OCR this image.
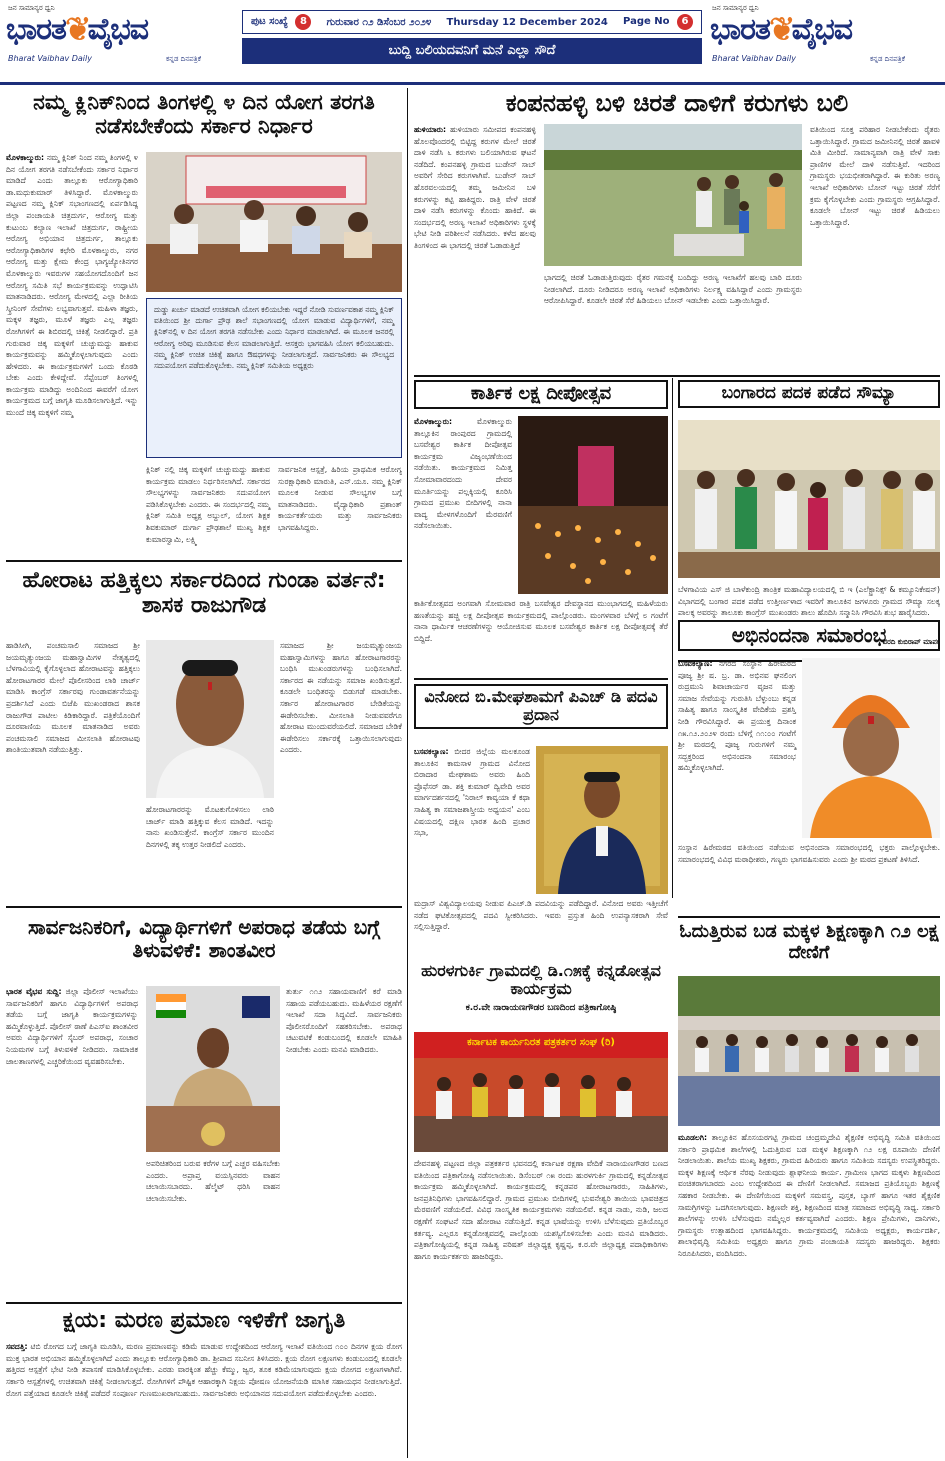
ಜನ ಸಾಮಾನ್ಯರ ಧ್ವನಿ
ಭಾರತ❦ವೈಭವ
Bharat Vaibhav Daily	ಕನ್ನಡ ದಿನಪತ್ರಿಕೆ
ಪುಟ ಸಂಖ್ಯೆ 8	ಗುರುವಾರ ೧೨ ಡಿಸೆಂಬರ ೨೦೨೪ Thursday 12 December 2024 Page No 6
ಬುದ್ದಿ ಬಲಿಯದವನಿಗೆ ಮನೆ ಎಲ್ಲಾ ಸೌದೆ
ಜನ ಸಾಮಾನ್ಯರ ಧ್ವನಿ
ಭಾರತ❦ವೈಭವ
Bharat Vaibhav Daily	ಕನ್ನಡ ದಿನಪತ್ರಿಕೆ
ನಮ್ಮ ಕ್ಲಿನಿಕ್‌ನಿಂದ ತಿಂಗಳಲ್ಲಿ ೪ ದಿನ ಯೋಗ ತರಗತಿ ನಡೆಸಬೇಕೆಂದು ಸರ್ಕಾರ ನಿರ್ಧಾರ
ಮೊಳಕಾಲ್ಮುರು: ನಮ್ಮ ಕ್ಲಿನಿಕ್ ನಿಂದ ನಮ್ಮ ತಿಂಗಳಲ್ಲಿ ೪ ದಿನ ಯೋಗ ತರಗತಿ ನಡೆಸಬೇಕೆಂದು ಸರ್ಕಾರ ನಿರ್ಧಾರ ಮಾಡಿದೆ ಎಂದು ತಾಲ್ಲೂಕು ಆರೋಗ್ಯಾಧಿಕಾರಿ ಡಾ.ಮಧುಕುಮಾರ್ ತಿಳಿಸಿದ್ದಾರೆ. ಮೊಳಕಾಲ್ಮುರು ಪಟ್ಟಣದ ನಮ್ಮ ಕ್ಲಿನಿಕ್ ಸಭಾಂಗಣದಲ್ಲಿ ಏರ್ಪಡಿಸಿದ್ದ ಜಿಲ್ಲಾ ಪಂಚಾಯತಿ ಚಿತ್ರದುರ್ಗ, ಆರೋಗ್ಯ ಮತ್ತು ಕುಟುಂಬ ಕಲ್ಯಾಣ ಇಲಾಖೆ ಚಿತ್ರದುರ್ಗ, ರಾಷ್ಟ್ರೀಯ ಆರೋಗ್ಯ ಅಭಿಯಾನ ಚಿತ್ರದುರ್ಗ, ತಾಲ್ಲೂಕು ಆರೋಗ್ಯಾಧಿಕಾರಿಗಳ ಕಛೇರಿ ಮೊಳಕಾಲ್ಮುರು, ನಗರ ಆರೋಗ್ಯ ಮತ್ತು ಕ್ಷೇಮ ಕೇಂದ್ರ ಭಾಗ್ಯಜ್ಯೋತಿನಗರ ಮೊಳಕಾಲ್ಮುರು ಇವರುಗಳ ಸಹಯೋಗದೊಂದಿಗೆ ಜನ ಆರೋಗ್ಯ ಸಮಿತಿ ಸಭೆ ಕಾರ್ಯಕ್ರಮವನ್ನು ಉದ್ಘಾಟಿಸಿ ಮಾತನಾಡಿದರು. ಆರೋಗ್ಯ ಮೇಳದಲ್ಲಿ ಎಲ್ಲಾ ರೀತಿಯ ಸ್ಕ್ರೀನಿಂಗ್ ಸೇವೆಗಳು ಲಭ್ಯವಾಗುತ್ತವೆ. ಮಹಿಳಾ ತಜ್ಞರು, ಮಕ್ಕಳ ತಜ್ಞರು, ಮೂಳೆ ತಜ್ಞರು ಎಲ್ಲ ತಜ್ಞರು ರೋಗಿಗಳಿಗೆ ಈ ಶಿಬಿರದಲ್ಲಿ ಚಿಕಿತ್ಸೆ ನೀಡಲಿದ್ದಾರೆ. ಪ್ರತಿ ಗುರುವಾರ ಚಿಕ್ಕ ಮಕ್ಕಳಿಗೆ ಚುಚ್ಚುಮದ್ದು ಹಾಕುವ ಕಾರ್ಯಕ್ರಮವನ್ನು ಹಮ್ಮಿಕೊಳ್ಳಲಾಗುವುದು ಎಂದು ಹೇಳಿದರು. ಈ ಕಾರ್ಯಕ್ರಮಗಳಿಗೆ ಒಂದು ಕೊಠಡಿ ಬೇಕು ಎಂದು ಕೇಳಿದ್ದೇವೆ. ಸೆಪ್ಟೆಂಬರ್ ತಿಂಗಳಲ್ಲಿ ಕಾರ್ಯಕ್ರಮ ಮಾಡಿದ್ದು ಅಂದಿನಿಂದ ಈವರೆಗೆ ಯೋಗ ಕಾರ್ಯಕ್ರಮದ ಬಗ್ಗೆ ಜಾಗೃತಿ ಮೂಡಿಸಲಾಗುತ್ತಿದೆ. ಇನ್ನು ಮುಂದೆ ಚಿಕ್ಕ ಮಕ್ಕಳಿಗೆ ನಮ್ಮ
ದುಡ್ಡು ಖರ್ಚು ಮಾಡದೆ ಉಚಿತವಾಗಿ ಯೋಗ ಕಲಿಯಬೇಕು ಇದ್ದರೆ ನೋಡಿ ಸುವರ್ಣವಕಾಶ ನಮ್ಮ ಕ್ಲಿನಿಕ್ ವತಿಯಿಂದ ಶ್ರೀ ದುರ್ಗಾ ಪ್ರೌಢ ಶಾಲೆ ಸಭಾಂಗಣದಲ್ಲಿ ಯೋಗ ಮಾಡುವ ವಿದ್ಯಾರ್ಥಿಗಳಿಗೆ, ನಮ್ಮ ಕ್ಲಿನಿಕ್‌ನಲ್ಲಿ ೪ ದಿನ ಯೋಗ ತರಗತಿ ನಡೆಸಬೇಕು ಎಂದು ನಿರ್ಧಾರ ಮಾಡಲಾಗಿದೆ. ಈ ಮೂಲಕ ಜನರಲ್ಲಿ ಆರೋಗ್ಯ ಅರಿವು ಮೂಡಿಸುವ ಕೆಲಸ ಮಾಡಲಾಗುತ್ತಿದೆ. ಆಸಕ್ತರು ಭಾಗವಹಿಸಿ ಯೋಗ ಕಲಿಯಬಹುದು. ನಮ್ಮ ಕ್ಲಿನಿಕ್ ಉಚಿತ ಚಿಕಿತ್ಸೆ ಹಾಗೂ ಔಷಧಗಳನ್ನು ನೀಡಲಾಗುತ್ತದೆ. ಸಾರ್ವಜನಿಕರು ಈ ಸೌಲಭ್ಯದ ಸದುಪಯೋಗ ಪಡೆದುಕೊಳ್ಳಬೇಕು. ನಮ್ಮ ಕ್ಲಿನಿಕ್ ಸಮಿತಿಯ ಅಧ್ಯಕ್ಷರು
ಕ್ಲಿನಿಕ್ ನಲ್ಲಿ ಚಿಕ್ಕ ಮಕ್ಕಳಿಗೆ ಚುಚ್ಚುಮದ್ದು ಹಾಕುವ ಕಾರ್ಯಕ್ರಮ ಮಾಡಲು ನಿರ್ಧರಿಸಲಾಗಿದೆ. ಸರ್ಕಾರದ ಸೌಲಭ್ಯಗಳನ್ನು ಸಾರ್ವಜನಿಕರು ಸದುಪಯೋಗ ಪಡಿಸಿಕೊಳ್ಳಬೇಕು ಎಂದರು. ಈ ಸಂದರ್ಭದಲ್ಲಿ ನಮ್ಮ ಕ್ಲಿನಿಕ್ ಸಮಿತಿ ಅಧ್ಯಕ್ಷ ಅಬ್ದುಲ್, ಯೋಗ ಶಿಕ್ಷಕ ಶಿವಕುಮಾರ್ ದುರ್ಗಾ ಪ್ರೌಢಶಾಲೆ ಮುಖ್ಯ ಶಿಕ್ಷಕ ಕುಮಾರಸ್ವಾಮಿ, ಲಕ್ಷ್ಮಿ
ಸಾರ್ವಜನಿಕ ಆಸ್ಪತ್ರೆ, ಹಿರಿಯ ಪ್ರಾಥಮಿಕ ಆರೋಗ್ಯ ಸುರಕ್ಷಾಧಿಕಾರಿ ಮಾರುತಿ, ಎನ್.ಯೂ. ನಮ್ಮ ಕ್ಲಿನಿಕ್ ಮೂಲಕ ನೀಡುವ ಸೌಲಭ್ಯಗಳ ಬಗ್ಗೆ ಮಾತನಾಡಿದರು. ವೈದ್ಯಾಧಿಕಾರಿ ಪ್ರಶಾಂತ್ ಕಾರ್ಯಕರ್ತೆಯರು ಮತ್ತು ಸಾರ್ವಜನಿಕರು ಭಾಗವಹಿಸಿದ್ದರು.
ಕಂಪನಹಳ್ಳಿ ಬಳಿ ಚಿರತೆ ದಾಳಿಗೆ ಕರುಗಳು ಬಲಿ
ಹುಳಿಯಾರು: ಹುಳಿಯಾರು ಸಮೀಪದ ಕಂಪನಹಳ್ಳಿ ಹೊಲವೊಂದರಲ್ಲಿ ಬಿಟ್ಟಿದ್ದ ಕರುಗಳ ಮೇಲೆ ಚಿರತೆ ದಾಳಿ ನಡೆಸಿ ೬ ಕರುಗಳು ಬಲಿಯಾಗಿರುವ ಘಟನೆ ನಡೆದಿದೆ. ಕಂಪನಹಳ್ಳಿ ಗ್ರಾಮದ ಬುಡೇನ್ ಸಾಬ್ ಅವರಿಗೆ ಸೇರಿದ ಕರುಗಳಾಗಿವೆ. ಬುಡೇನ್ ಸಾಬ್ ಹೊರವಲಯದಲ್ಲಿ ತಮ್ಮ ಜಮೀನಿನ ಬಳಿ ಕರುಗಳನ್ನು ಕಟ್ಟಿ ಹಾಕಿದ್ದರು. ರಾತ್ರಿ ವೇಳೆ ಚಿರತೆ ದಾಳಿ ನಡೆಸಿ ಕರುಗಳನ್ನು ಕೊಂದು ಹಾಕಿದೆ. ಈ ಸಂದರ್ಭದಲ್ಲಿ ಅರಣ್ಯ ಇಲಾಖೆ ಅಧಿಕಾರಿಗಳು ಸ್ಥಳಕ್ಕೆ ಭೇಟಿ ನೀಡಿ ಪರಿಶೀಲನೆ ನಡೆಸಿದರು. ಕಳೆದ ಹಲವು ತಿಂಗಳಿಂದ ಈ ಭಾಗದಲ್ಲಿ ಚಿರತೆ ಓಡಾಡುತ್ತಿದೆ
ಭಾಗದಲ್ಲಿ ಚಿರತೆ ಓಡಾಡುತ್ತಿರುವುದು ರೈತರ ಗಮನಕ್ಕೆ ಬಂದಿದ್ದು ಅರಣ್ಯ ಇಲಾಖೆಗೆ ಹಲವು ಬಾರಿ ದೂರು ನೀಡಲಾಗಿದೆ. ದೂರು ನೀಡಿದರೂ ಅರಣ್ಯ ಇಲಾಖೆ ಅಧಿಕಾರಿಗಳು ನಿರ್ಲಕ್ಷ್ಯ ವಹಿಸಿದ್ದಾರೆ ಎಂದು ಗ್ರಾಮಸ್ಥರು ಆರೋಪಿಸಿದ್ದಾರೆ. ಕೂಡಲೇ ಚಿರತೆ ಸೆರೆ ಹಿಡಿಯಲು ಬೋನ್ ಇಡಬೇಕು ಎಂದು ಒತ್ತಾಯಿಸಿದ್ದಾರೆ.
ವತಿಯಿಂದ ಸೂಕ್ತ ಪರಿಹಾರ ನೀಡಬೇಕೆಂದು ರೈತರು ಒತ್ತಾಯಿಸಿದ್ದಾರೆ. ಗ್ರಾಮದ ಜಮೀನಿನಲ್ಲಿ ಚಿರತೆ ಹಾವಳಿ ಮಿತಿ ಮೀರಿದೆ. ಸಾಮಾನ್ಯವಾಗಿ ರಾತ್ರಿ ವೇಳೆ ಸಾಕು ಪ್ರಾಣಿಗಳ ಮೇಲೆ ದಾಳಿ ನಡೆಸುತ್ತಿವೆ. ಇದರಿಂದ ಗ್ರಾಮಸ್ಥರು ಭಯಭೀತರಾಗಿದ್ದಾರೆ. ಈ ಕುರಿತು ಅರಣ್ಯ ಇಲಾಖೆ ಅಧಿಕಾರಿಗಳು ಬೋನ್ ಇಟ್ಟು ಚಿರತೆ ಸೆರೆಗೆ ಕ್ರಮ ಕೈಗೊಳ್ಳಬೇಕು ಎಂದು ಗ್ರಾಮಸ್ಥರು ಆಗ್ರಹಿಸಿದ್ದಾರೆ. ಕೂಡಲೇ ಬೋನ್ ಇಟ್ಟು ಚಿರತೆ ಹಿಡಿಯಲು ಒತ್ತಾಯಿಸಿದ್ದಾರೆ.
ಕಾರ್ತಿಕ ಲಕ್ಷ ದೀಪೋತ್ಸವ
ಮೊಳಕಾಲ್ಮುರು:	ಮೊಳಕಾಲ್ಮುರು ತಾಲ್ಲೂಕಿನ ರಾಂಪುರದ ಗ್ರಾಮದಲ್ಲಿ ಬಸವೇಶ್ವರ ಕಾರ್ತಿಕ ದೀಪೋತ್ಸವ ಕಾರ್ಯಕ್ರಮ ವಿಜೃಂಭಣೆಯಿಂದ ನಡೆಯಿತು. ಕಾರ್ಯಕ್ರಮದ ನಿಮಿತ್ತ ಸೋಮಾವಾರದಂದು ದೇವರ ಮೂರ್ತಿಯನ್ನು ಪಲ್ಲಕ್ಕಿಯಲ್ಲಿ ಕೂರಿಸಿ ಗ್ರಾಮದ ಪ್ರಮುಖ ಬೀದಿಗಳಲ್ಲಿ ನಾನಾ ವಾದ್ಯ ಮೇಳಗಳೊಂದಿಗೆ ಮೆರವಣಿಗೆ ನಡೆಸಲಾಯಿತು.
ಕಾರ್ತಿಕೋತ್ಸವದ ಅಂಗವಾಗಿ ಸೋಮವಾರ ರಾತ್ರಿ ಬಸವೇಶ್ವರ ದೇವಸ್ಥಾನದ ಮುಂಭಾಗದಲ್ಲಿ ಮಹಿಳೆಯರು ಹಣತೆಯನ್ನು ಹಚ್ಚಿ ಲಕ್ಷ ದೀಪೋತ್ಸವ ಕಾರ್ಯಕ್ರಮದಲ್ಲಿ ಪಾಲ್ಗೊಂಡರು. ಮಂಗಳವಾರ ಬೆಳಿಗ್ಗೆ ೮ ಗಂಟೆಗೆ ನಾನಾ ಧಾರ್ಮಿಕ ಆಚರಣೆಗಳನ್ನು ಆಯೋಜಿಸುವ ಮೂಲಕ ಬಸವೇಶ್ವರ ಕಾರ್ತಿಕ ಲಕ್ಷ ದೀಪೋತ್ಸವಕ್ಕೆ ತೆರೆ ಬಿದ್ದಿದೆ.
ಬಂಗಾರದ ಪದಕ ಪಡೆದ ಸೌಮ್ಯಾ
ಬೆಳಗಾವಿಯ ಎಸ್ ಜಿ ಬಾಳೆಕುಂದ್ರಿ ತಾಂತ್ರಿಕ ಮಹಾವಿದ್ಯಾಲಯದಲ್ಲಿ ಬಿ ಇ (ಎಲೆಕ್ಟ್ರಾನಿಕ್ಸ್ & ಕಮ್ಯೂನಿಕೇಷನ್) ವಿಭಾಗದಲ್ಲಿ ಬಂಗಾರ ಪದಕ ಪಡೆದ ಉತ್ತೀರ್ಣಳಾದ ಇವರಿಗೆ ತಾಲೂಕಿನ ಜಗಳೂರು ಗ್ರಾಮದ ಸೌಮ್ಯಾ ಸಲಕ್ಕ ಪಾಲಕ್ಕ ಅವರನ್ನು ತಾಲೂಕು ಕಾಂಗ್ರೆಸ್ ಮುಖಂಡರು ಶಾಲು ಹೊದಿಸಿ ಸನ್ಮಾನಿಸಿ ಗೌರವಿಸಿ ಶುಭ ಹಾರೈಸಿದರು.
ವರದಿ ಕುಬಿರಾಪ್ ಮಾಪಕ
ಹೋರಾಟ ಹತ್ತಿಕ್ಕಲು ಸರ್ಕಾರದಿಂದ ಗುಂಡಾ ವರ್ತನೆ: ಶಾಸಕ ರಾಜುಗೌಡ
ಹಾಡಿಸೀಗಿ, ಪಂಚಮಸಾಲಿ ಸಮಾಜದ ಶ್ರೀ ಜಯಮೃತ್ಯುಂಜಯ ಮಹಾಸ್ವಾಮಿಗಳ ನೇತೃತ್ವದಲ್ಲಿ ಬೆಳಗಾವಿಯಲ್ಲಿ ಕೈಗೊಳ್ಳಲಾದ ಹೋರಾಟವನ್ನು ಹತ್ತಿಕ್ಕಲು ಹೋರಾಟಗಾರರ ಮೇಲೆ ಪೊಲೀಸರಿಂದ ಲಾಠಿ ಚಾರ್ಜ್ ಮಾಡಿಸಿ ಕಾಂಗ್ರೆಸ್ ಸರ್ಕಾರವು ಗುಂಡಾವರ್ತನೆಯನ್ನು ಪ್ರದರ್ಶಿಸಿದೆ ಎಂದು ಬಿಜೆಪಿ ಮುಖಂಡರಾದ ಶಾಸಕ ರಾಜುಗೌಡ ಪಾಟೀಲ ಕಿಡಿಕಾರಿದ್ದಾರೆ. ಪತ್ರಿಕೆಯೊಂದಿಗೆ ದೂರವಾಣಿಯ ಮೂಲಕ ಮಾತನಾಡಿದ ಅವರು ಪಂಚಮಸಾಲಿ ಸಮಾಜದ ಮೀಸಲಾತಿ ಹೋರಾಟವು ಶಾಂತಿಯುತವಾಗಿ ನಡೆಯುತ್ತಿತ್ತು.
ಹೋರಾಟಗಾರರನ್ನು ಮೊಟಕುಗೊಳಿಸಲು ಲಾಠಿ ಚಾರ್ಜ್ ಮಾಡಿ ಹತ್ತಿಕ್ಕುವ ಕೆಲಸ ಮಾಡಿದೆ. ಇದನ್ನು ನಾನು ಖಂಡಿಸುತ್ತೇನೆ. ಕಾಂಗ್ರೆಸ್ ಸರ್ಕಾರ ಮುಂದಿನ ದಿನಗಳಲ್ಲಿ ತಕ್ಕ ಉತ್ತರ ನೀಡಲಿದೆ ಎಂದರು.
ಸಮಾಜದ ಶ್ರೀ ಜಯಮೃತ್ಯುಂಜಯ ಮಹಾಸ್ವಾಮಿಗಳನ್ನು ಹಾಗೂ ಹೋರಾಟಗಾರರನ್ನು ಬಂಧಿಸಿ ಮುಖಂಡರುಗಳನ್ನು ಬಂಧಿಸಲಾಗಿದೆ. ಸರ್ಕಾರದ ಈ ನಡೆಯನ್ನು ಸಮಾಜ ಖಂಡಿಸುತ್ತದೆ. ಕೂಡಲೇ ಬಂಧಿತರನ್ನು ಬಿಡುಗಡೆ ಮಾಡಬೇಕು. ಸರ್ಕಾರ ಹೋರಾಟಗಾರರ ಬೇಡಿಕೆಯನ್ನು ಈಡೇರಿಸಬೇಕು. ಮೀಸಲಾತಿ ನೀಡುವವರೆಗೂ ಹೋರಾಟ ಮುಂದುವರೆಯಲಿದೆ. ಸಮಾಜದ ಬೇಡಿಕೆ ಈಡೇರಿಸಲು ಸರ್ಕಾರಕ್ಕೆ ಒತ್ತಾಯಿಸಲಾಗುವುದು ಎಂದರು.
ವಿನೋದ ಬಿ.ಮೇಘಶಾಮಗೆ ಪಿಎಚ್ ಡಿ ಪದವಿ ಪ್ರದಾನ
ಬಸವಕಲ್ಯಾಣ: ಬೀದರ ಜಿಲ್ಲೆಯ ಮಲಕೂಂಡ ತಾಲೂಕಿನ ಕಾಮಸಾಳ ಗ್ರಾಮದ ವಿನೋದ ಬಿರಾದಾರ ಮೇಘಶಾಮ ಅವರು ಹಿಂದಿ ಪ್ರೊಫೆಸರ್ ಡಾ. ಶಕ್ತಿ ಕುಮಾರ್ ದ್ವಿವೇದಿ ಅವರ ಮಾರ್ಗದರ್ಶನದಲ್ಲಿ 'ನಿರಾಲ್ ಕಾವ್ಯಯಾ ಕೆ ಕಥಾ ಸಾಹಿತ್ಯ ಕಾ ಸಮಾಜಶಾಸ್ತ್ರೀಯ ಅಧ್ಯಯನ' ಎಂಬ ವಿಷಯದಲ್ಲಿ ದಕ್ಷಿಣ ಭಾರತ ಹಿಂದಿ ಪ್ರಚಾರ ಸಭಾ,
ಮದ್ರಾಸ್ ವಿಶ್ವವಿದ್ಯಾಲಯವು ನೀಡುವ ಪಿಎಚ್.ಡಿ ಪದವಿಯನ್ನು ಪಡೆದಿದ್ದಾರೆ. ವಿನೋದ ಅವರು ಇತ್ತೀಚೆಗೆ ನಡೆದ ಘಟಿಕೋತ್ಸವದಲ್ಲಿ ಪದವಿ ಸ್ವೀಕರಿಸಿದರು. ಇವರು ಪ್ರಸ್ತುತ ಹಿಂದಿ ಉಪನ್ಯಾಸಕರಾಗಿ ಸೇವೆ ಸಲ್ಲಿಸುತ್ತಿದ್ದಾರೆ.
ಅಭಿನಂದನಾ ಸಮಾರಂಭ
ಬಸವಕಲ್ಯಾಣ: ನಗರದ ಸಂಸ್ಥಾನ ಹಿರೇಮಠದ ಪೂಜ್ಯ ಶ್ರೀ ಷ. ಬ್ರ. ಡಾ. ಅಭಿನವ ಘನಲಿಂಗ ರುದ್ರಮುನಿ ಶಿವಾಚಾರ್ಯರ ವೃಜನ ಮತ್ತು ಸಮಾಜ ಸೇವೆಯನ್ನು ಗುರುತಿಸಿ ಬೆಳ್ಳುಂಬು ಕನ್ನಡ ಸಾಹಿತ್ಯ ಹಾಗೂ ಸಾಂಸ್ಕೃತಿಕ ವೇದಿಕೆಯ ಪ್ರಶಸ್ತಿ ನೀಡಿ ಗೌರವಿಸಿದ್ದಾರೆ. ಈ ಪ್ರಯುಕ್ತ ದಿನಾಂಕ ೧೫.೧೨.೨೦೨೪ ರಂದು ಬೆಳಿಗ್ಗೆ ೧೧:೦೦ ಗಂಟೆಗೆ ಶ್ರೀ ಮಠದಲ್ಲಿ ಪೂಜ್ಯ ಗುರುಗಳಿಗೆ ನಮ್ಮ ಸದ್ಭಕ್ತರಿಂದ ಅಭಿನಂದನಾ ಸಮಾರಂಭ ಹಮ್ಮಿಕೊಳ್ಳಲಾಗಿದೆ.
ಸಂಸ್ಥಾನ ಹಿರೇಮಠದ ವತಿಯಿಂದ ನಡೆಯುವ ಅಭಿನಂದನಾ ಸಮಾರಂಭದಲ್ಲಿ ಭಕ್ತರು ಪಾಲ್ಗೊಳ್ಳಬೇಕು. ಸಮಾರಂಭದಲ್ಲಿ ವಿವಿಧ ಮಠಾಧೀಶರು, ಗಣ್ಯರು ಭಾಗವಹಿಸುವರು ಎಂದು ಶ್ರೀ ಮಠದ ಪ್ರಕಟಣೆ ತಿಳಿಸಿದೆ.
ಸಾರ್ವಜನಿಕರಿಗೆ, ವಿದ್ಯಾರ್ಥಿಗಳಿಗೆ ಅಪರಾಧ ತಡೆಯ ಬಗ್ಗೆ ತಿಳುವಳಿಕೆ: ಶಾಂತವೀರ
ಭಾರತ ವೈಭವ ಸುದ್ದಿ: ಜಿಲ್ಲಾ ಪೊಲೀಸ್ ಇಲಾಖೆಯು ಸಾರ್ವಜನಿಕರಿಗೆ ಹಾಗೂ ವಿದ್ಯಾರ್ಥಿಗಳಿಗೆ ಅಪರಾಧ ತಡೆಯ ಬಗ್ಗೆ ಜಾಗೃತಿ ಕಾರ್ಯಕ್ರಮಗಳನ್ನು ಹಮ್ಮಿಕೊಳ್ಳುತ್ತಿದೆ. ಪೊಲೀಸ್ ಠಾಣೆ ಪಿಎಸ್ಐ ಶಾಂತವೀರ ಅವರು ವಿದ್ಯಾರ್ಥಿಗಳಿಗೆ ಸೈಬರ್ ಅಪರಾಧ, ಸಂಚಾರ ನಿಯಮಗಳ ಬಗ್ಗೆ ತಿಳುವಳಿಕೆ ನೀಡಿದರು. ಸಾಮಾಜಿಕ ಜಾಲತಾಣಗಳಲ್ಲಿ ಎಚ್ಚರಿಕೆಯಿಂದ ವ್ಯವಹರಿಸಬೇಕು.
ಅಪರಿಚಿತರಿಂದ ಬರುವ ಕರೆಗಳ ಬಗ್ಗೆ ಎಚ್ಚರ ವಹಿಸಬೇಕು ಎಂದರು. ಅಪ್ರಾಪ್ತ ವಯಸ್ಸಿನವರು ವಾಹನ ಚಲಾಯಿಸಬಾರದು. ಹೆಲ್ಮೆಟ್ ಧರಿಸಿ ವಾಹನ ಚಲಾಯಿಸಬೇಕು.
ತುರ್ತು ೧೧೨ ಸಹಾಯವಾಣಿಗೆ ಕರೆ ಮಾಡಿ ಸಹಾಯ ಪಡೆಯಬಹುದು. ಮಹಿಳೆಯರ ರಕ್ಷಣೆಗೆ ಇಲಾಖೆ ಸದಾ ಸಿದ್ಧವಿದೆ. ಸಾರ್ವಜನಿಕರು ಪೊಲೀಸರೊಂದಿಗೆ ಸಹಕರಿಸಬೇಕು. ಅಪರಾಧ ಚಟುವಟಿಕೆ ಕಂಡುಬಂದಲ್ಲಿ ಕೂಡಲೇ ಮಾಹಿತಿ ನೀಡಬೇಕು ಎಂದು ಮನವಿ ಮಾಡಿದರು.
ಹುರಳಗುರ್ಕಿ ಗ್ರಾಮದಲ್ಲಿ ಡಿ.೧೫ಕ್ಕೆ ಕನ್ನಡೋತ್ಸವ ಕಾರ್ಯಕ್ರಮ
ಕ.ರ.ವೇ ನಾರಾಯಣಗೌಡರ ಬಣದಿಂದ ಪತ್ರಿಕಾಗೋಷ್ಠಿ
ಕರ್ನಾಟಕ ಕಾರ್ಯನಿರತ ಪತ್ರಕರ್ತರ ಸಂಘ (ರಿ)
ದೇವನಹಳ್ಳಿ ಪಟ್ಟಣದ ಜಿಲ್ಲಾ ಪತ್ರಕರ್ತರ ಭವನದಲ್ಲಿ ಕರ್ನಾಟಕ ರಕ್ಷಣಾ ವೇದಿಕೆ ನಾರಾಯಣಗೌಡರ ಬಣದ ವತಿಯಿಂದ ಪತ್ರಿಕಾಗೋಷ್ಠಿ ನಡೆಸಲಾಯಿತು. ಡಿಸೆಂಬರ್ ೧೫ ರಂದು ಹುರಳಗುರ್ಕಿ ಗ್ರಾಮದಲ್ಲಿ ಕನ್ನಡೋತ್ಸವ ಕಾರ್ಯಕ್ರಮ ಹಮ್ಮಿಕೊಳ್ಳಲಾಗಿದೆ. ಕಾರ್ಯಕ್ರಮದಲ್ಲಿ ಕನ್ನಡಪರ ಹೋರಾಟಗಾರರು, ಸಾಹಿತಿಗಳು, ಜನಪ್ರತಿನಿಧಿಗಳು ಭಾಗವಹಿಸಲಿದ್ದಾರೆ. ಗ್ರಾಮದ ಪ್ರಮುಖ ಬೀದಿಗಳಲ್ಲಿ ಭುವನೇಶ್ವರಿ ತಾಯಿಯ ಭಾವಚಿತ್ರದ ಮೆರವಣಿಗೆ ನಡೆಯಲಿದೆ. ವಿವಿಧ ಸಾಂಸ್ಕೃತಿಕ ಕಾರ್ಯಕ್ರಮಗಳು ನಡೆಯಲಿವೆ. ಕನ್ನಡ ನಾಡು, ನುಡಿ, ಜಲದ ರಕ್ಷಣೆಗೆ ಸಂಘಟನೆ ಸದಾ ಹೋರಾಟ ನಡೆಸುತ್ತಿದೆ. ಕನ್ನಡ ಭಾಷೆಯನ್ನು ಉಳಿಸಿ ಬೆಳೆಸುವುದು ಪ್ರತಿಯೊಬ್ಬರ ಕರ್ತವ್ಯ. ಎಲ್ಲರೂ ಕನ್ನಡೋತ್ಸವದಲ್ಲಿ ಪಾಲ್ಗೊಂಡು ಯಶಸ್ವಿಗೊಳಿಸಬೇಕು ಎಂದು ಮನವಿ ಮಾಡಿದರು. ಪತ್ರಿಕಾಗೋಷ್ಠಿಯಲ್ಲಿ ಕನ್ನಡ ಸಾಹಿತ್ಯ ಪರಿಷತ್ ಜಿಲ್ಲಾಧ್ಯಕ್ಷ ಕೃಷ್ಣಪ್ಪ, ಕ.ರ.ವೇ ಜಿಲ್ಲಾಧ್ಯಕ್ಷ ಪದಾಧಿಕಾರಿಗಳು ಹಾಗೂ ಕಾರ್ಯಕರ್ತರು ಹಾಜರಿದ್ದರು.
ಓದುತ್ತಿರುವ ಬಡ ಮಕ್ಕಳ ಶಿಕ್ಷಣಕ್ಕಾಗಿ ೧೨ ಲಕ್ಷ ದೇಣಿಗೆ
ಮೂಡಲಗಿ: ತಾಲ್ಲೂಕಿನ ಹೊಸಯರಗಟ್ಟಿ ಗ್ರಾಮದ ಚಂದ್ರಮ್ಮದೇವಿ ಶೈಕ್ಷಣಿಕ ಅಭಿವೃದ್ಧಿ ಸಮಿತಿ ವತಿಯಿಂದ ಸರ್ಕಾರಿ ಪ್ರಾಥಮಿಕ ಶಾಲೆಗಳಲ್ಲಿ ಓದುತ್ತಿರುವ ಬಡ ಮಕ್ಕಳ ಶಿಕ್ಷಣಕ್ಕಾಗಿ ೧೨ ಲಕ್ಷ ರೂಪಾಯಿ ದೇಣಿಗೆ ನೀಡಲಾಯಿತು. ಶಾಲೆಯ ಮುಖ್ಯ ಶಿಕ್ಷಕರು, ಗ್ರಾಮದ ಹಿರಿಯರು ಹಾಗೂ ಸಮಿತಿಯ ಸದಸ್ಯರು ಉಪಸ್ಥಿತರಿದ್ದರು. ಮಕ್ಕಳ ಶಿಕ್ಷಣಕ್ಕೆ ಆರ್ಥಿಕ ನೆರವು ನೀಡುವುದು ಶ್ಲಾಘನೀಯ ಕಾರ್ಯ. ಗ್ರಾಮೀಣ ಭಾಗದ ಮಕ್ಕಳು ಶಿಕ್ಷಣದಿಂದ ವಂಚಿತರಾಗಬಾರದು ಎಂಬ ಉದ್ದೇಶದಿಂದ ಈ ದೇಣಿಗೆ ನೀಡಲಾಗಿದೆ. ಸಮಾಜದ ಪ್ರತಿಯೊಬ್ಬರು ಶಿಕ್ಷಣಕ್ಕೆ ಸಹಕಾರ ನೀಡಬೇಕು. ಈ ದೇಣಿಗೆಯಿಂದ ಮಕ್ಕಳಿಗೆ ಸಮವಸ್ತ್ರ, ಪುಸ್ತಕ, ಬ್ಯಾಗ್ ಹಾಗೂ ಇತರ ಶೈಕ್ಷಣಿಕ ಸಾಮಗ್ರಿಗಳನ್ನು ಒದಗಿಸಲಾಗುವುದು. ಶಿಕ್ಷಣವೇ ಶಕ್ತಿ, ಶಿಕ್ಷಣದಿಂದ ಮಾತ್ರ ಸಮಾಜದ ಅಭಿವೃದ್ಧಿ ಸಾಧ್ಯ. ಸರ್ಕಾರಿ ಶಾಲೆಗಳನ್ನು ಉಳಿಸಿ ಬೆಳೆಸುವುದು ನಮ್ಮೆಲ್ಲರ ಕರ್ತವ್ಯವಾಗಿದೆ ಎಂದರು. ಶಿಕ್ಷಣ ಪ್ರೇಮಿಗಳು, ದಾನಿಗಳು, ಗ್ರಾಮಸ್ಥರು ಉತ್ಸಾಹದಿಂದ ಭಾಗವಹಿಸಿದ್ದರು. ಕಾರ್ಯಕ್ರಮದಲ್ಲಿ ಸಮಿತಿಯ ಅಧ್ಯಕ್ಷರು, ಕಾರ್ಯದರ್ಶಿ, ಶಾಲಾಭಿವೃದ್ಧಿ ಸಮಿತಿಯ ಅಧ್ಯಕ್ಷರು ಹಾಗೂ ಗ್ರಾಮ ಪಂಚಾಯತಿ ಸದಸ್ಯರು ಹಾಜರಿದ್ದರು. ಶಿಕ್ಷಕರು ನಿರೂಪಿಸಿದರು, ವಂದಿಸಿದರು.
ಕ್ಷಯ: ಮರಣ ಪ್ರಮಾಣ ಇಳಿಕೆಗೆ ಜಾಗೃತಿ
ಸವದತ್ತಿ: ಟಿಬಿ ರೋಗದ ಬಗ್ಗೆ ಜಾಗೃತಿ ಮೂಡಿಸಿ, ಮರಣ ಪ್ರಮಾಣವನ್ನು ಕಡಿಮೆ ಮಾಡುವ ಉದ್ದೇಶದಿಂದ ಆರೋಗ್ಯ ಇಲಾಖೆ ವತಿಯಿಂದ ೧೦೦ ದಿನಗಳ ಕ್ಷಯ ರೋಗ ಮುಕ್ತ ಭಾರತ ಅಭಿಯಾನ ಹಮ್ಮಿಕೊಳ್ಳಲಾಗಿದೆ ಎಂದು ತಾಲ್ಲೂಕು ಆರೋಗ್ಯಾಧಿಕಾರಿ ಡಾ. ಶ್ರೀಪಾದ ಸಬನೀಸ ತಿಳಿಸಿದರು. ಕ್ಷಯ ರೋಗ ಲಕ್ಷಣಗಳು ಕಂಡುಬಂದಲ್ಲಿ ಕೂಡಲೇ ಹತ್ತಿರದ ಆಸ್ಪತ್ರೆಗೆ ಭೇಟಿ ನೀಡಿ ತಪಾಸಣೆ ಮಾಡಿಸಿಕೊಳ್ಳಬೇಕು. ಎರಡು ವಾರಕ್ಕಿಂತ ಹೆಚ್ಚು ಕೆಮ್ಮು, ಜ್ವರ, ತೂಕ ಕಡಿಮೆಯಾಗುವುದು ಕ್ಷಯ ರೋಗದ ಲಕ್ಷಣಗಳಾಗಿವೆ. ಸರ್ಕಾರಿ ಆಸ್ಪತ್ರೆಗಳಲ್ಲಿ ಉಚಿತವಾಗಿ ಚಿಕಿತ್ಸೆ ನೀಡಲಾಗುತ್ತದೆ. ರೋಗಿಗಳಿಗೆ ಪೌಷ್ಟಿಕ ಆಹಾರಕ್ಕಾಗಿ ನಿಕ್ಷಯ ಪೋಷಣ ಯೋಜನೆಯಡಿ ಮಾಸಿಕ ಸಹಾಯಧನ ನೀಡಲಾಗುತ್ತಿದೆ. ರೋಗ ಪತ್ತೆಯಾದ ಕೂಡಲೇ ಚಿಕಿತ್ಸೆ ಪಡೆದರೆ ಸಂಪೂರ್ಣ ಗುಣಮುಖರಾಗಬಹುದು. ಸಾರ್ವಜನಿಕರು ಅಭಿಯಾನದ ಸದುಪಯೋಗ ಪಡೆದುಕೊಳ್ಳಬೇಕು ಎಂದರು.
